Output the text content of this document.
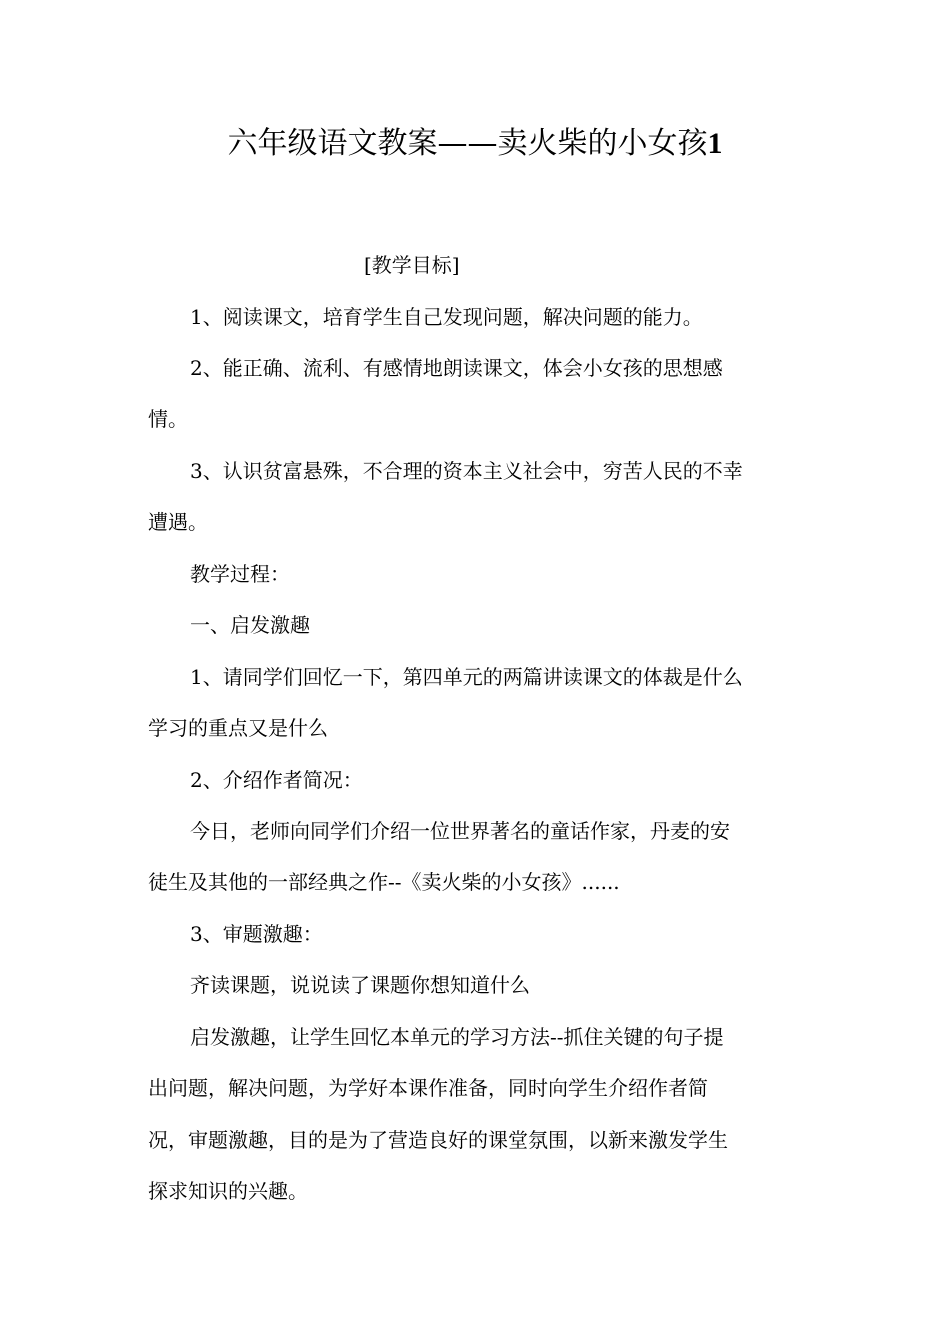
六年级语文教案——卖火柴的小女孩1
[教学目标]
1、阅读课文，培育学生自己发现问题，解决问题的能力。
2、能正确、流利、有感情地朗读课文，体会小女孩的思想感
情。
3、认识贫富悬殊，不合理的资本主义社会中，穷苦人民的不幸
遭遇。
教学过程：
一、启发激趣
1、请同学们回忆一下，第四单元的两篇讲读课文的体裁是什么
学习的重点又是什么
2、介绍作者简况：
今日，老师向同学们介绍一位世界著名的童话作家，丹麦的安
徒生及其他的一部经典之作--《卖火柴的小女孩》......
3、审题激趣：
齐读课题，说说读了课题你想知道什么
启发激趣，让学生回忆本单元的学习方法--抓住关键的句子提
出问题，解决问题，为学好本课作准备，同时向学生介绍作者简
况，审题激趣，目的是为了营造良好的课堂氛围，以新来激发学生
探求知识的兴趣。
